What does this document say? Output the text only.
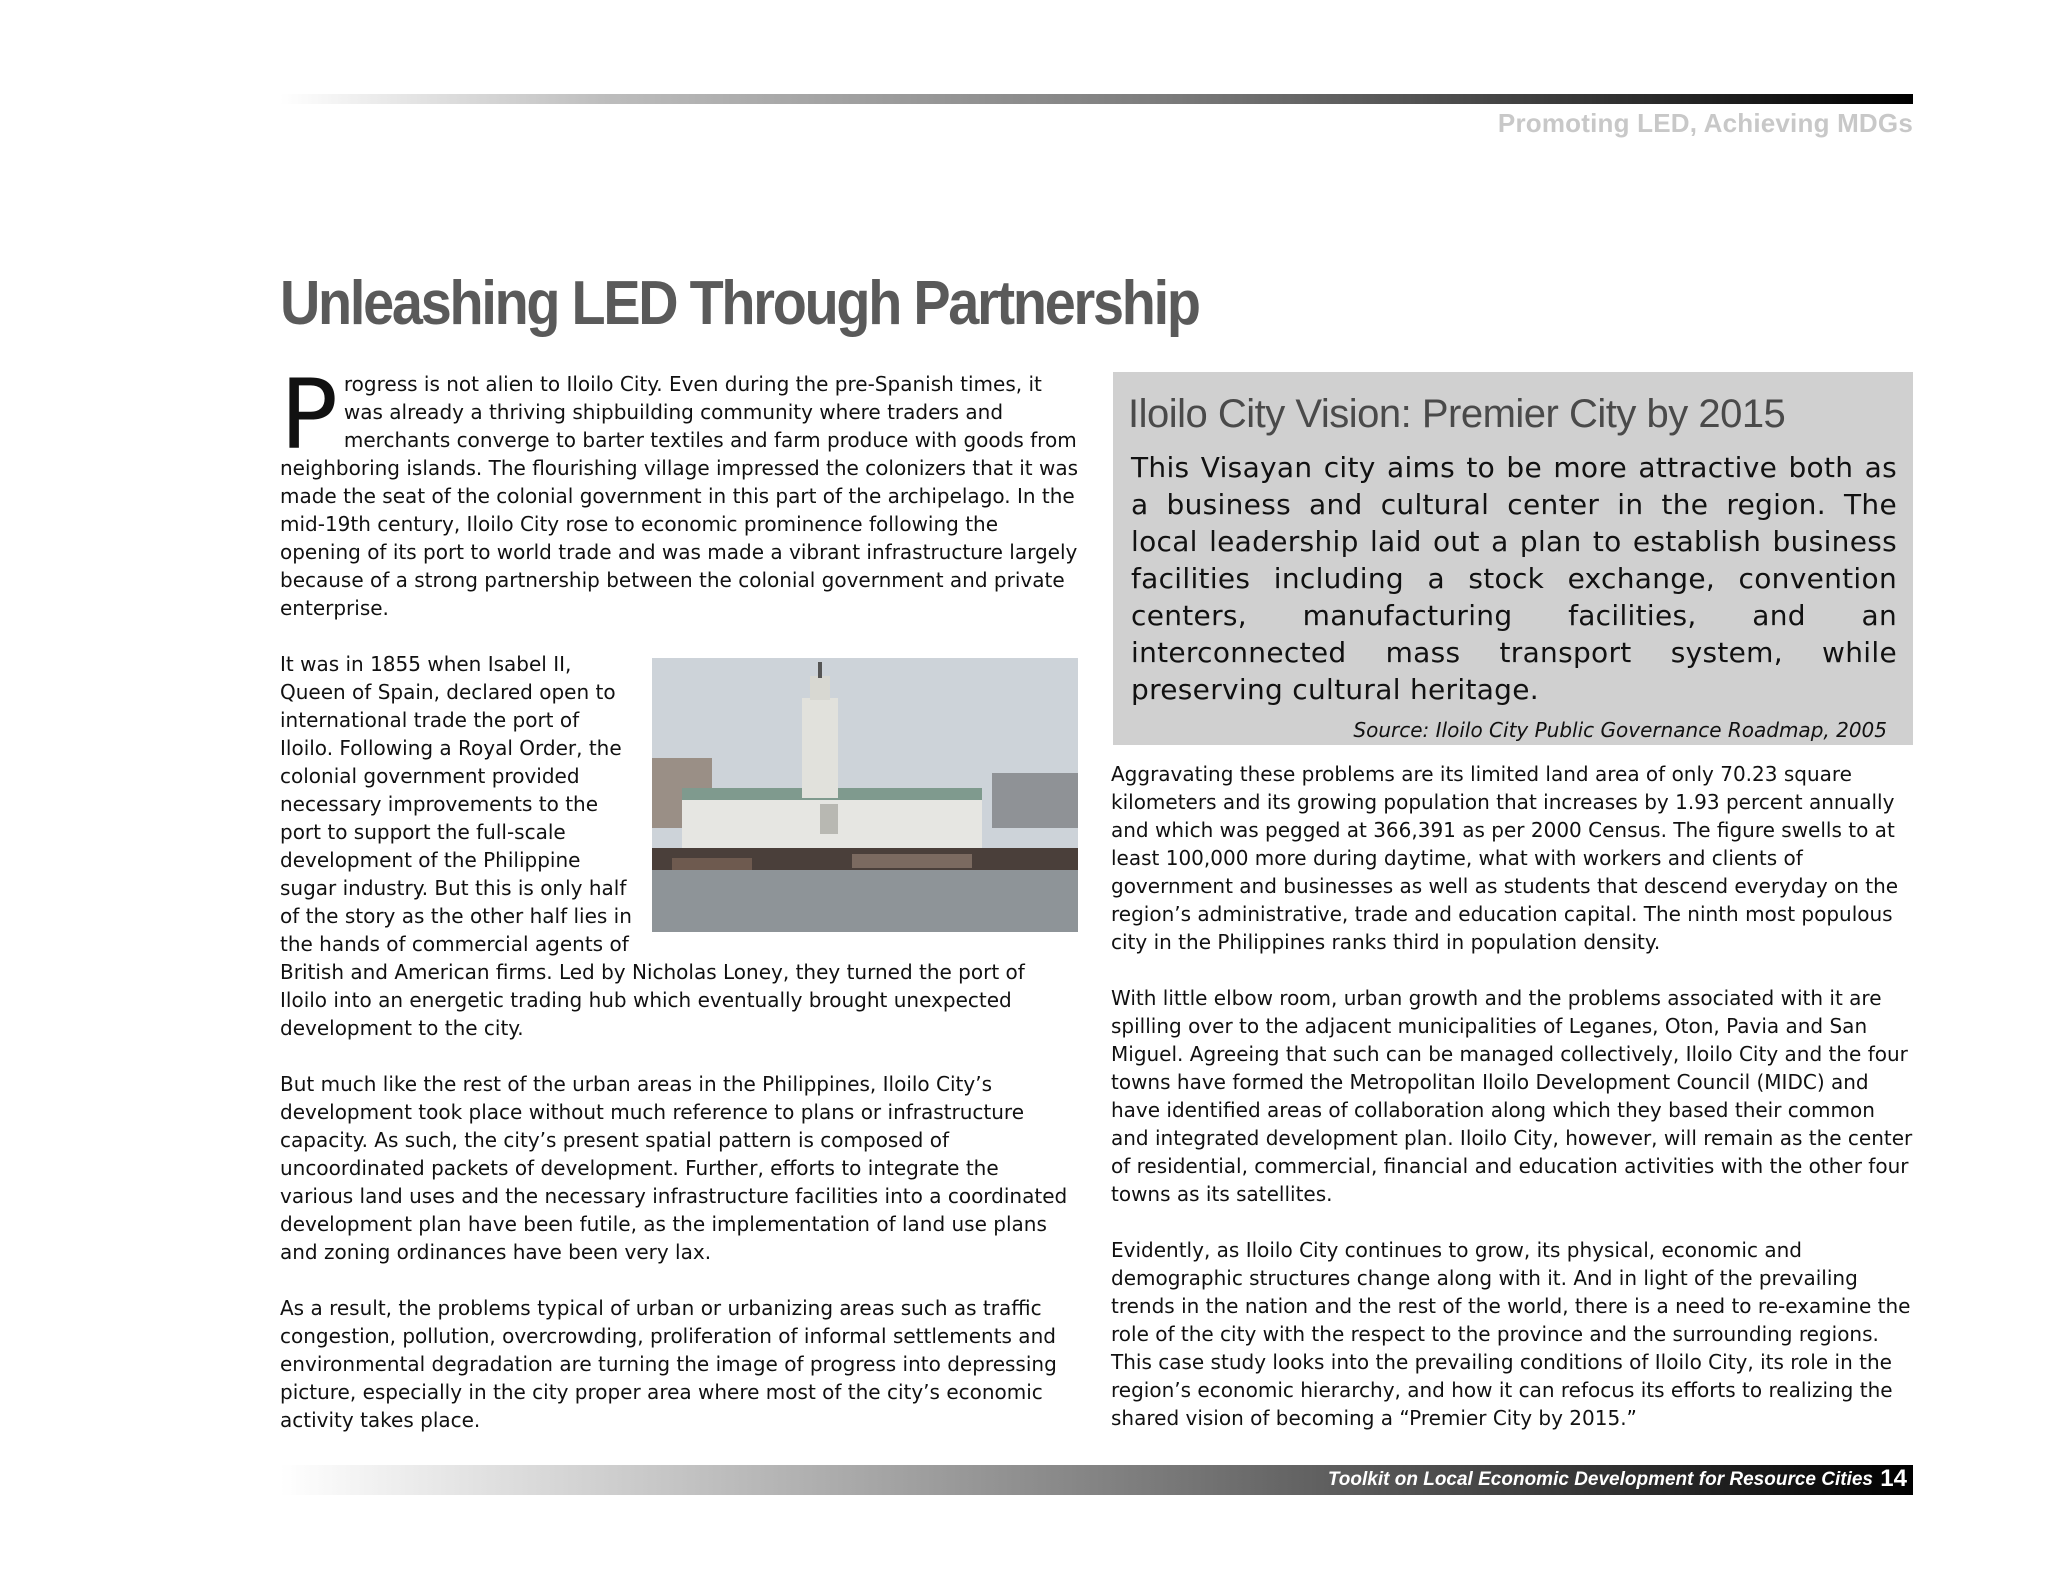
Promoting LED, Achieving MDGs
Unleashing LED Through Partnership

Progress is not alien to Iloilo City. Even during the pre-Spanish times, it was already a thriving shipbuilding community where traders and merchants converge to barter textiles and farm produce with goods from neighboring islands. The flourishing village impressed the colonizers that it was made the seat of the colonial government in this part of the archipelago. In the mid-19th century, Iloilo City rose to economic prominence following the opening of its port to world trade and was made a vibrant infrastructure largely because of a strong partnership between the colonial government and private enterprise.

It was in 1855 when Isabel II, Queen of Spain, declared open to international trade the port of Iloilo. Following a Royal Order, the colonial government provided necessary improvements to the port to support the full-scale development of the Philippine sugar industry. But this is only half of the story as the other half lies in the hands of commercial agents of British and American firms. Led by Nicholas Loney, they turned the port of Iloilo into an energetic trading hub which eventually brought unexpected development to the city.

But much like the rest of the urban areas in the Philippines, Iloilo City’s development took place without much reference to plans or infrastructure capacity. As such, the city’s present spatial pattern is composed of uncoordinated packets of development. Further, efforts to integrate the various land uses and the necessary infrastructure facilities into a coordinated development plan have been futile, as the implementation of land use plans and zoning ordinances have been very lax.

As a result, the problems typical of urban or urbanizing areas such as traffic congestion, pollution, overcrowding, proliferation of informal settlements and environmental degradation are turning the image of progress into depressing picture, especially in the city proper area where most of the city’s economic activity takes place.

Iloilo City Vision: Premier City by 2015

This Visayan city aims to be more attractive both as a business and cultural center in the region. The local leadership laid out a plan to establish business facilities including a stock exchange, convention centers, manufacturing facilities, and an interconnected mass transport system, while preserving cultural heritage.

Source: Iloilo City Public Governance Roadmap, 2005

Aggravating these problems are its limited land area of only 70.23 square kilometers and its growing population that increases by 1.93 percent annually and which was pegged at 366,391 as per 2000 Census. The figure swells to at least 100,000 more during daytime, what with workers and clients of government and businesses as well as students that descend everyday on the region’s administrative, trade and education capital. The ninth most populous city in the Philippines ranks third in population density.

With little elbow room, urban growth and the problems associated with it are spilling over to the adjacent municipalities of Leganes, Oton, Pavia and San Miguel. Agreeing that such can be managed collectively, Iloilo City and the four towns have formed the Metropolitan Iloilo Development Council (MIDC) and have identified areas of collaboration along which they based their common and integrated development plan. Iloilo City, however, will remain as the center of residential, commercial, financial and education activities with the other four towns as its satellites.

Evidently, as Iloilo City continues to grow, its physical, economic and demographic structures change along with it. And in light of the prevailing trends in the nation and the rest of the world, there is a need to re-examine the role of the city with the respect to the province and the surrounding regions. This case study looks into the prevailing conditions of Iloilo City, its role in the region’s economic hierarchy, and how it can refocus its efforts to realizing the shared vision of becoming a “Premier City by 2015.”

Toolkit on Local Economic Development for Resource Cities 14
